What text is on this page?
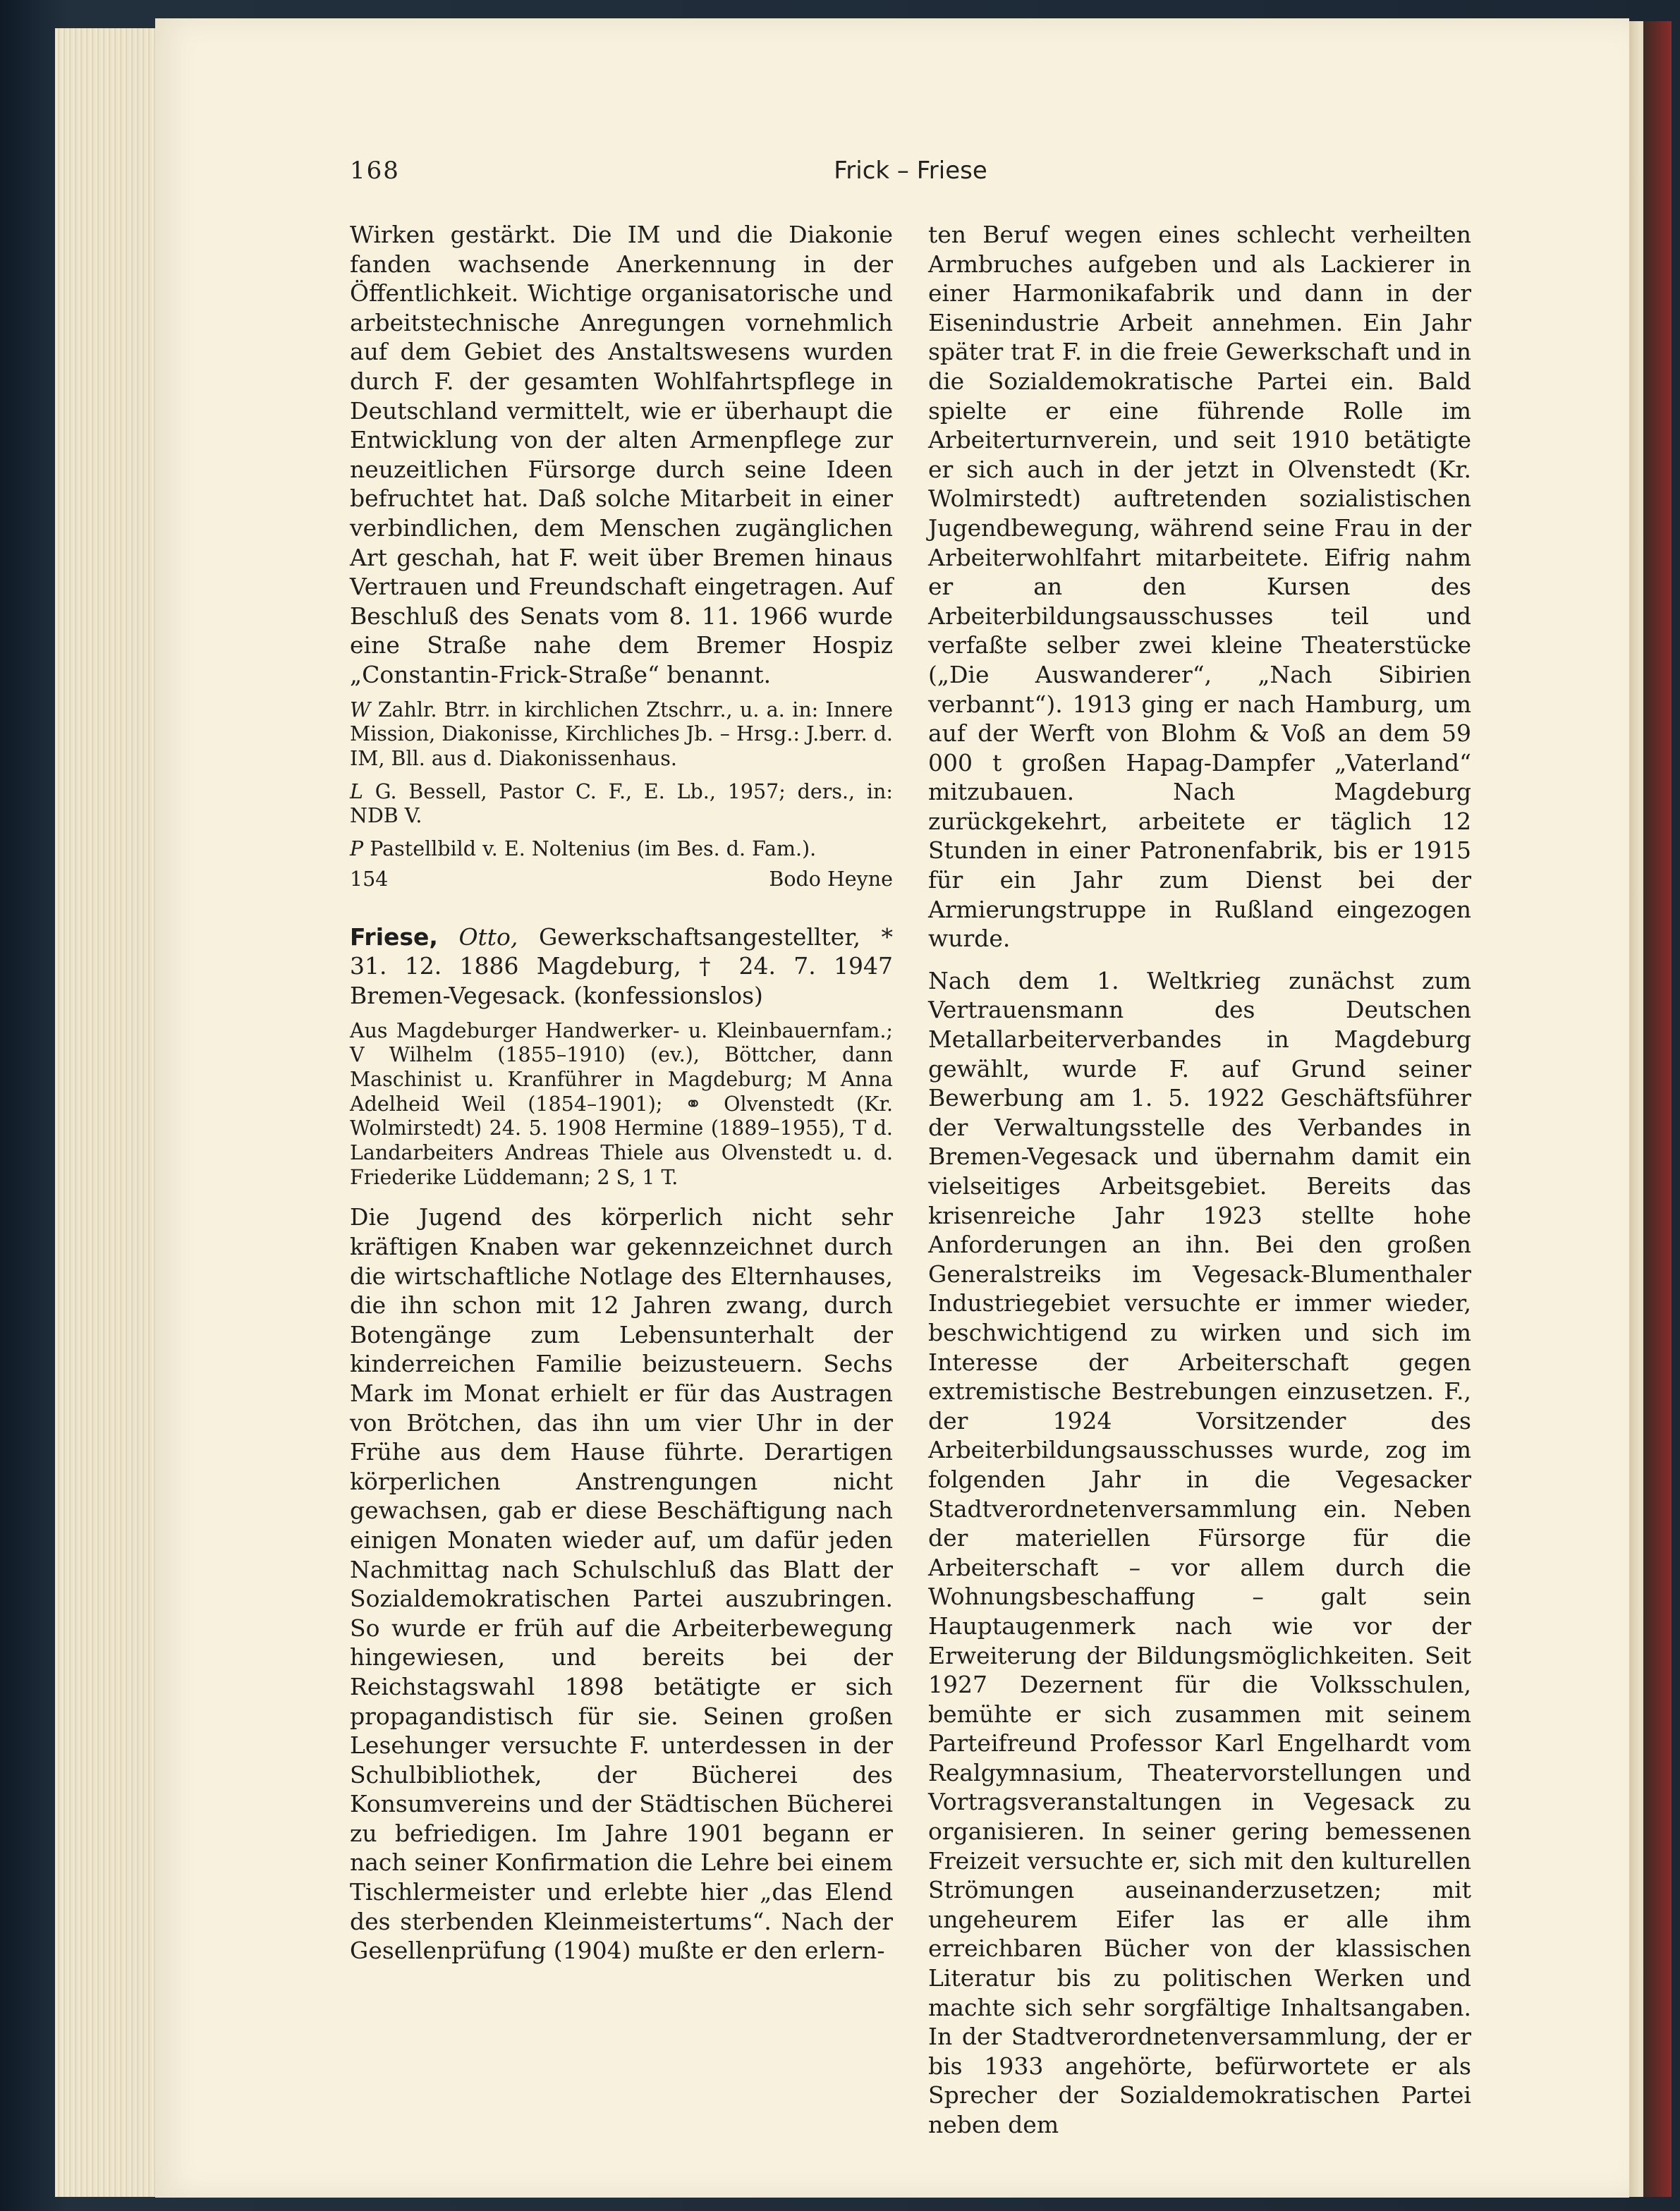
168	Frick – Friese

Wirken gestärkt. Die IM und die Diakonie fanden wachsende Anerkennung in der Öffentlichkeit. Wichtige organisatorische und arbeitstechnische Anregungen vornehmlich auf dem Gebiet des Anstaltswesens wurden durch F. der gesamten Wohlfahrtspflege in Deutschland vermittelt, wie er überhaupt die Entwicklung von der alten Armenpflege zur neuzeitlichen Fürsorge durch seine Ideen befruchtet hat. Daß solche Mitarbeit in einer verbindlichen, dem Menschen zugänglichen Art geschah, hat F. weit über Bremen hinaus Vertrauen und Freundschaft eingetragen. Auf Beschluß des Senats vom 8. 11. 1966 wurde eine Straße nahe dem Bremer Hospiz „Constantin-Frick-Straße“ benannt.

W Zahlr. Btrr. in kirchlichen Ztschrr., u. a. in: Innere Mission, Diakonisse, Kirchliches Jb. – Hrsg.: J.berr. d. IM, Bll. aus d. Diakonissenhaus.

L G. Bessell, Pastor C. F., E. Lb., 1957; ders., in: NDB V.

P Pastellbild v. E. Noltenius (im Bes. d. Fam.).

154	Bodo Heyne

Friese, Otto, Gewerkschaftsangestellter, * 31. 12. 1886 Magdeburg, † 24. 7. 1947 Bremen-Vegesack. (konfessionslos)

Aus Magdeburger Handwerker- u. Kleinbauernfam.; V Wilhelm (1855–1910) (ev.), Böttcher, dann Maschinist u. Kranführer in Magdeburg; M Anna Adelheid Weil (1854–1901); ⚭ Olvenstedt (Kr. Wolmirstedt) 24. 5. 1908 Hermine (1889–1955), T d. Landarbeiters Andreas Thiele aus Olvenstedt u. d. Friederike Lüddemann; 2 S, 1 T.

Die Jugend des körperlich nicht sehr kräftigen Knaben war gekennzeichnet durch die wirtschaftliche Notlage des Elternhauses, die ihn schon mit 12 Jahren zwang, durch Botengänge zum Lebensunterhalt der kinderreichen Familie beizusteuern. Sechs Mark im Monat erhielt er für das Austragen von Brötchen, das ihn um vier Uhr in der Frühe aus dem Hause führte. Derartigen körperlichen Anstrengungen nicht gewachsen, gab er diese Beschäftigung nach einigen Monaten wieder auf, um dafür jeden Nachmittag nach Schulschluß das Blatt der Sozialdemokratischen Partei auszubringen. So wurde er früh auf die Arbeiterbewegung hingewiesen, und bereits bei der Reichstagswahl 1898 betätigte er sich propagandistisch für sie. Seinen großen Lesehunger versuchte F. unterdessen in der Schulbibliothek, der Bücherei des Konsumvereins und der Städtischen Bücherei zu befriedigen. Im Jahre 1901 begann er nach seiner Konfirmation die Lehre bei einem Tischlermeister und erlebte hier „das Elend des sterbenden Kleinmeistertums“. Nach der Gesellenprüfung (1904) mußte er den erlern-

ten Beruf wegen eines schlecht verheilten Armbruches aufgeben und als Lackierer in einer Harmonikafabrik und dann in der Eisenindustrie Arbeit annehmen. Ein Jahr später trat F. in die freie Gewerkschaft und in die Sozialdemokratische Partei ein. Bald spielte er eine führende Rolle im Arbeiterturnverein, und seit 1910 betätigte er sich auch in der jetzt in Olvenstedt (Kr. Wolmirstedt) auftretenden sozialistischen Jugendbewegung, während seine Frau in der Arbeiterwohlfahrt mitarbeitete. Eifrig nahm er an den Kursen des Arbeiterbildungsausschusses teil und verfaßte selber zwei kleine Theaterstücke („Die Auswanderer“, „Nach Sibirien verbannt“). 1913 ging er nach Hamburg, um auf der Werft von Blohm & Voß an dem 59 000 t großen Hapag-Dampfer „Vaterland“ mitzubauen. Nach Magdeburg zurückgekehrt, arbeitete er täglich 12 Stunden in einer Patronenfabrik, bis er 1915 für ein Jahr zum Dienst bei der Armierungstruppe in Rußland eingezogen wurde.

Nach dem 1. Weltkrieg zunächst zum Vertrauensmann des Deutschen Metallarbeiterverbandes in Magdeburg gewählt, wurde F. auf Grund seiner Bewerbung am 1. 5. 1922 Geschäftsführer der Verwaltungsstelle des Verbandes in Bremen-Vegesack und übernahm damit ein vielseitiges Arbeitsgebiet. Bereits das krisenreiche Jahr 1923 stellte hohe Anforderungen an ihn. Bei den großen Generalstreiks im Vegesack-Blumenthaler Industriegebiet versuchte er immer wieder, beschwichtigend zu wirken und sich im Interesse der Arbeiterschaft gegen extremistische Bestrebungen einzusetzen. F., der 1924 Vorsitzender des Arbeiterbildungsausschusses wurde, zog im folgenden Jahr in die Vegesacker Stadtverordnetenversammlung ein. Neben der materiellen Fürsorge für die Arbeiterschaft – vor allem durch die Wohnungsbeschaffung – galt sein Hauptaugenmerk nach wie vor der Erweiterung der Bildungsmöglichkeiten. Seit 1927 Dezernent für die Volksschulen, bemühte er sich zusammen mit seinem Parteifreund Professor Karl Engelhardt vom Realgymnasium, Theatervorstellungen und Vortragsveranstaltungen in Vegesack zu organisieren. In seiner gering bemessenen Freizeit versuchte er, sich mit den kulturellen Strömungen auseinanderzusetzen; mit ungeheurem Eifer las er alle ihm erreichbaren Bücher von der klassischen Literatur bis zu politischen Werken und machte sich sehr sorgfältige Inhaltsangaben. In der Stadtverordnetenversammlung, der er bis 1933 angehörte, befürwortete er als Sprecher der Sozialdemokratischen Partei neben dem
